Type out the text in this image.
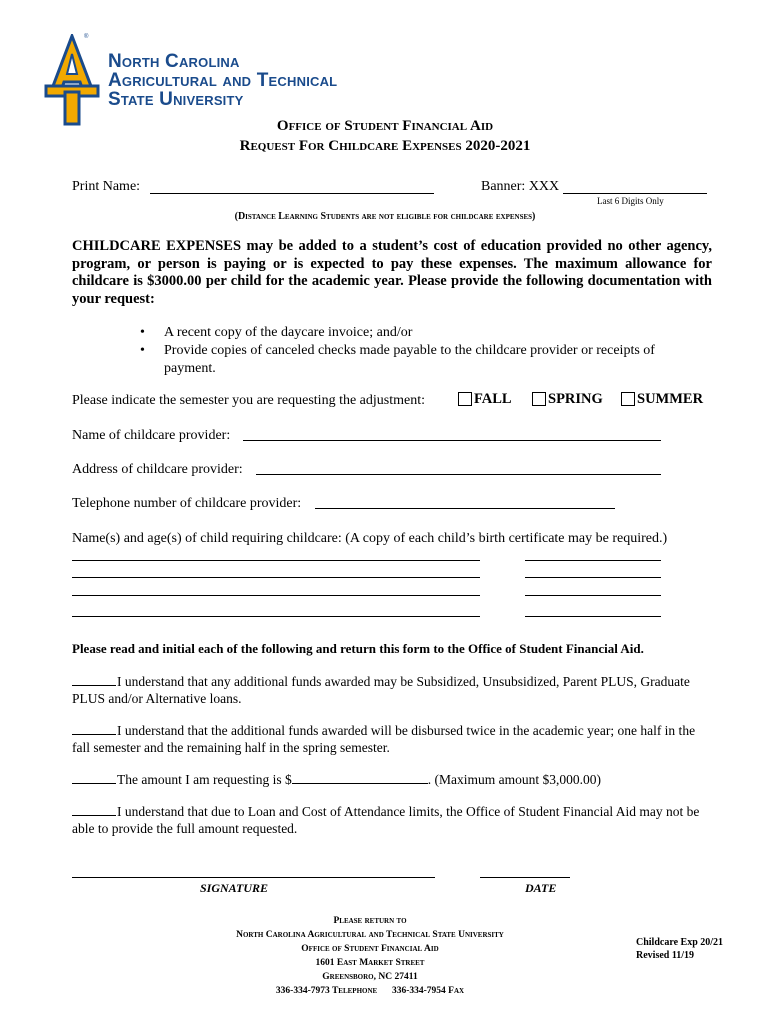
®
North Carolina
Agricultural and Technical
State University
Office of Student Financial Aid
Request For Childcare Expenses 2020-2021
Print Name:	Banner: XXX
Last 6 Digits Only
(Distance Learning Students are not eligible for childcare expenses)
CHILDCARE EXPENSES may be added to a student’s cost of education provided no other agency, program, or person is paying or is expected to pay these expenses. The maximum allowance for childcare is $3000.00 per child for the academic year. Please provide the following documentation with your request:
• A recent copy of the daycare invoice; and/or
• Provide copies of canceled checks made payable to the childcare provider or receipts of payment.
Please indicate the semester you are requesting the adjustment:	FALL	SPRING SUMMER
Name of childcare provider:
Address of childcare provider:
Telephone number of childcare provider:
Name(s) and age(s) of child requiring childcare: (A copy of each child’s birth certificate may be required.)
Please read and initial each of the following and return this form to the Office of Student Financial Aid.
I understand that any additional funds awarded may be Subsidized, Unsubsidized, Parent PLUS, Graduate PLUS and/or Alternative loans.
I understand that the additional funds awarded will be disbursed twice in the academic year; one half in the fall semester and the remaining half in the spring semester.
The amount I am requesting is $	. (Maximum amount $3,000.00)
I understand that due to Loan and Cost of Attendance limits, the Office of Student Financial Aid may not be able to provide the full amount requested.
SIGNATURE	DATE
Please return to
North Carolina Agricultural and Technical State University
Office of Student Financial Aid
1601 East Market Street
Greensboro, NC 27411
336-334-7973 Telephone 336-334-7954 Fax
Childcare Exp 20/21
Revised 11/19
